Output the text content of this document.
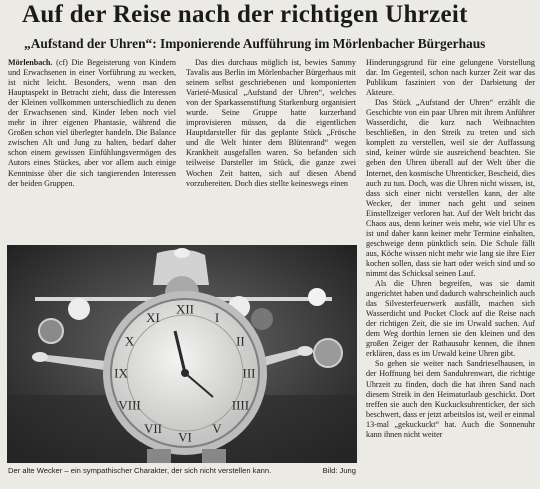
Auf der Reise nach der richtigen Uhrzeit
„Aufstand der Uhren“: Imponierende Aufführung im Mörlenbacher Bürgerhaus

Mörlenbach. (cf) Die Begeisterung von Kindern und Erwachsenen in einer Vorführung zu wecken, ist nicht leicht. Besonders, wenn man den Hauptaspekt in Betracht zieht, dass die Interessen der Kleinen vollkommen unterschiedlich zu denen der Erwachsenen sind. Kinder leben noch viel mehr in ihrer eigenen Phantasie, während die Großen schon viel überlegter handeln. Die Balance zwischen Alt und Jung zu halten, bedarf daher schon einem gewissen Einfühlungsvermögen des Autors eines Stückes, aber vor allem auch einige Kenntnisse über die sich tangierenden Interessen der beiden Gruppen.

Das dies durchaus möglich ist, bewies Sammy Tavalis aus Berlin im Mörlenbacher Bürgerhaus mit seinem selbst geschriebenen und komponierten Varieté-Musical „Aufstand der Uhren“, welches von der Sparkassenstiftung Starkenburg organisiert wurde. Seine Gruppe hatte kurzerhand improvisieren müssen, da die eigentlichen Hauptdarsteller für das geplante Stück „Frösche und die Welt hinter dem Blütenrand“ wegen Krankheit ausgefallen waren. So befanden sich teilweise Darsteller im Stück, die ganze zwei Wochen Zeit hatten, sich auf diesen Abend vorzubereiten. Doch dies stellte keineswegs einen

Hinderungsgrund für eine gelungene Vorstellung dar. Im Gegenteil, schon nach kurzer Zeit war das Publikum fasziniert von der Darbietung der Akteure.

Das Stück „Aufstand der Uhren“ erzählt die Geschichte von ein paar Uhren mit ihrem Anführer Wasserdicht, die kurz nach Weihnachten beschließen, in den Streik zu treten und sich komplett zu verstellen, weil sie der Auffassung sind, keiner würde sie ausreichend beachten. Sie geben den Uhren überall auf der Welt über die Internet, den kosmische Uhrenticker, Bescheid, dies auch zu tun. Doch, was die Uhren nicht wissen, ist, dass sich einer nicht verstellen kann, der alte Wecker, der immer nach geht und seinen Einstellzeiger verloren hat. Auf der Welt bricht das Chaos aus, denn keiner weis mehr, wie viel Uhr es ist und daher kann keiner mehr Termine einhalten, geschweige denn pünktlich sein. Die Schule fällt aus, Köche wissen nicht mehr wie lang sie ihre Eier kochen sollen, dass sie hart oder weich sind und so nimmt das Schicksal seinen Lauf.

Als die Uhren begreifen, was sie damit angerichtet haben und dadurch wahrscheinlich auch das Silvesterfeuerwerk ausfällt, machen sich Wasserdicht und Pocket Clock auf die Reise nach der richtigen Zeit, die sie im Urwald suchen. Auf dem Weg dorthin lernen sie den kleinen und den großen Zeiger der Rathausuhr kennen, die ihnen erklären, dass es im Urwald keine Uhren gibt.

So gehen sie weiter nach Sandrieselhausen, in der Hoffnung bei dem Sanduhrenwart, die richtige Uhrzeit zu finden, doch die hat ihren Sand nach diesem Streik in den Heimaturlaub geschickt. Dort treffen sie auch den Kuckucksuhrenticker, der sich beschwert, dass er jetzt arbeitslos ist, weil er einmal 13-mal „gekuckuckt“ hat. Auch die Sonnenuhr kann ihnen nicht weiter

XII
I
II
III
IIII
V
VI
VII
VIII
IX
X
XI
Der alte Wecker – ein sympathischer Charakter, der sich nicht verstellen kann.	Bild: Jung
